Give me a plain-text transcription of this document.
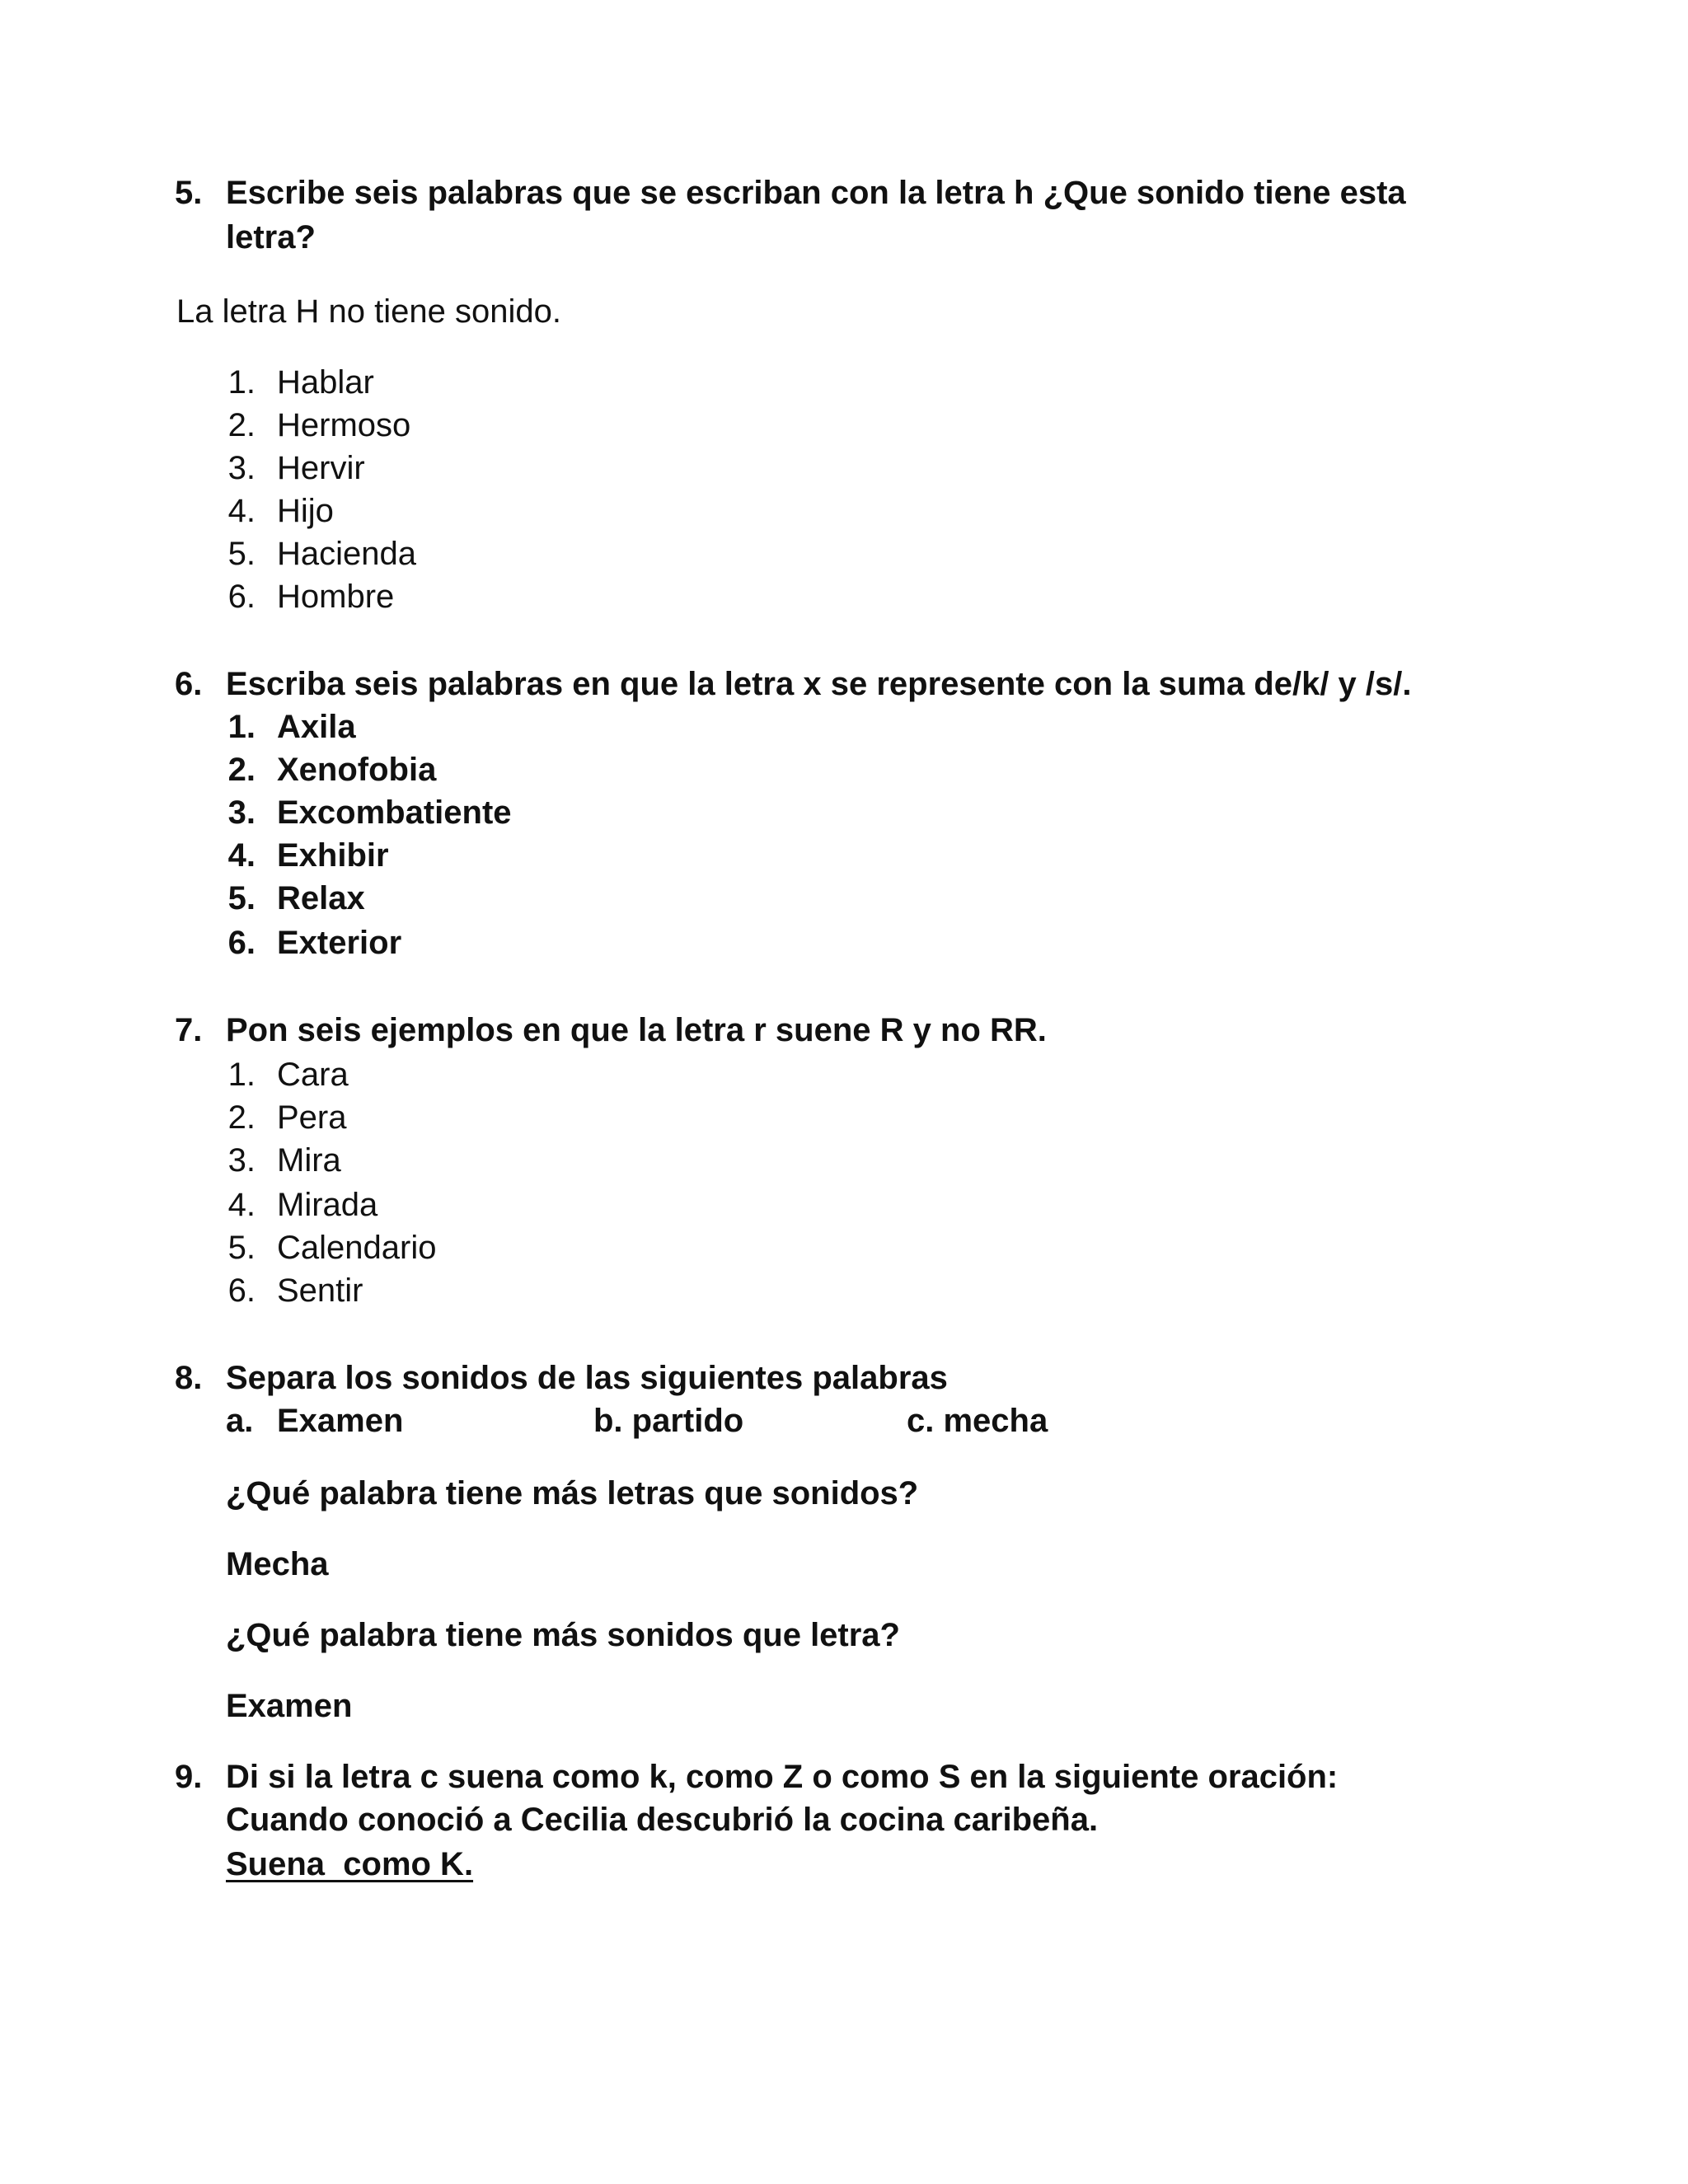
5. Escribe seis palabras que se escriban con la letra h ¿Que sonido tiene esta
letra?
La letra H no tiene sonido.
1. Hablar
2. Hermoso
3. Hervir
4. Hijo
5. Hacienda
6. Hombre
6. Escriba seis palabras en que la letra x se represente con la suma de/k/ y /s/.
1. Axila
2. Xenofobia
3. Excombatiente
4. Exhibir
5. Relax
6. Exterior
7. Pon seis ejemplos en que la letra r suene R y no RR.
1. Cara
2. Pera
3. Mira
4. Mirada
5. Calendario
6. Sentir
8. Separa los sonidos de las siguientes palabras
a. Examen	b. partido	c. mecha
¿Qué palabra tiene más letras que sonidos?
Mecha
¿Qué palabra tiene más sonidos que letra?
Examen
9. Di si la letra c suena como k, como Z o como S en la siguiente oración:
Cuando conoció a Cecilia descubrió la cocina caribeña.
Suena  como K.
